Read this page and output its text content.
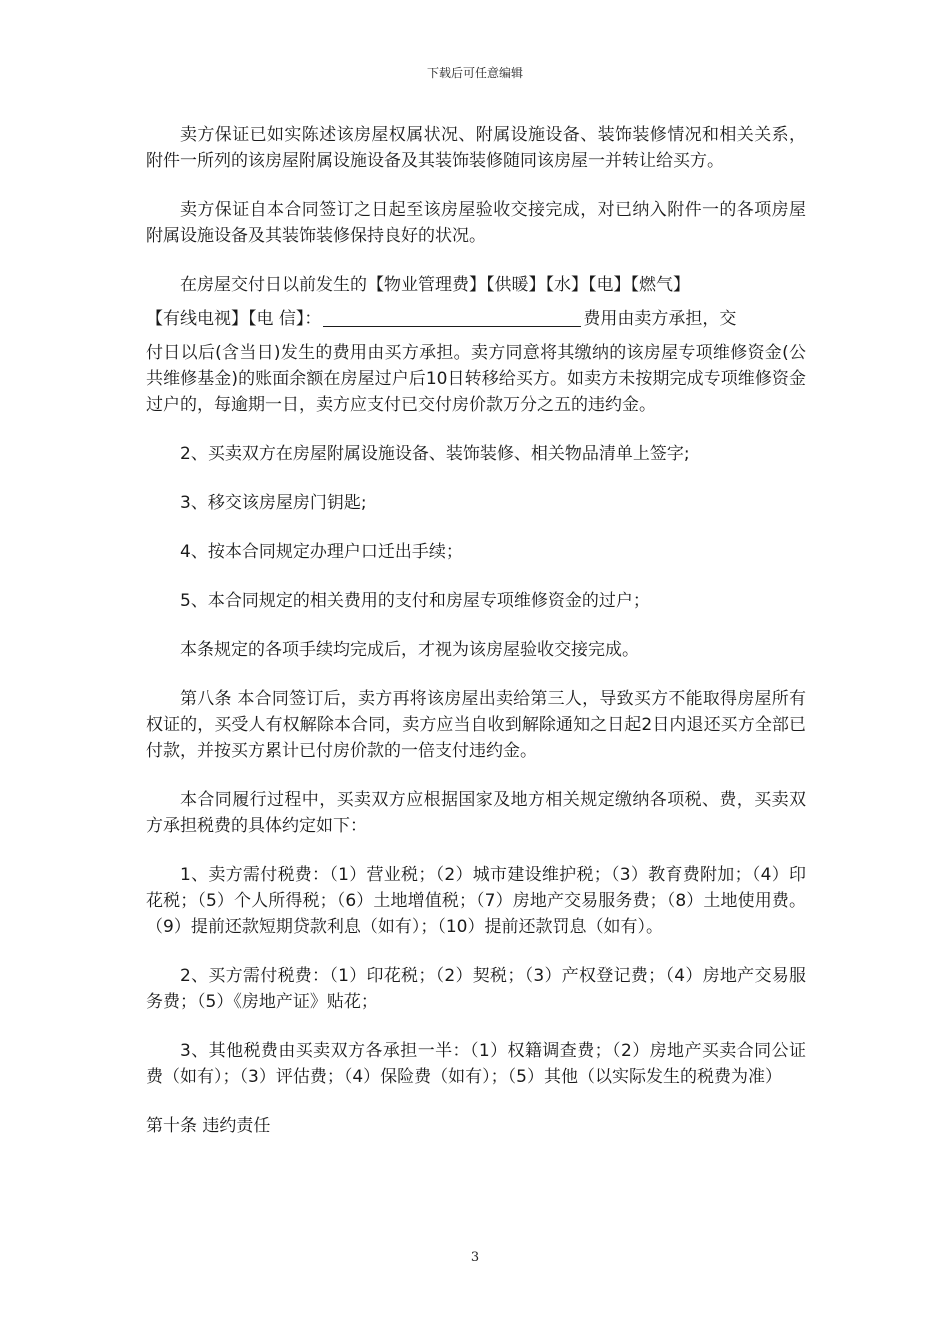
下载后可任意编辑

卖方保证已如实陈述该房屋权属状况、附属设施设备、装饰装修情况和相关关系，附件一所列的该房屋附属设施设备及其装饰装修随同该房屋一并转让给买方。

卖方保证自本合同签订之日起至该房屋验收交接完成，对已纳入附件一的各项房屋附属设施设备及其装饰装修保持良好的状况。

在房屋交付日以前发生的【物业管理费】【供暖】【水】【电】【燃气】

【有线电视】【电 信】：	费用由卖方承担，交

付日以后(含当日)发生的费用由买方承担。卖方同意将其缴纳的该房屋专项维修资金(公共维修基金)的账面余额在房屋过户后10日转移给买方。如卖方未按期完成专项维修资金过户的，每逾期一日，卖方应支付已交付房价款万分之五的违约金。

2、买卖双方在房屋附属设施设备、装饰装修、相关物品清单上签字;

3、移交该房屋房门钥匙;

4、按本合同规定办理户口迁出手续；

5、本合同规定的相关费用的支付和房屋专项维修资金的过户；

本条规定的各项手续均完成后，才视为该房屋验收交接完成。

第八条 本合同签订后，卖方再将该房屋出卖给第三人，导致买方不能取得房屋所有权证的，买受人有权解除本合同，卖方应当自收到解除通知之日起2日内退还买方全部已付款，并按买方累计已付房价款的一倍支付违约金。

本合同履行过程中，买卖双方应根据国家及地方相关规定缴纳各项税、费，买卖双方承担税费的具体约定如下：

1、卖方需付税费：（1）营业税；（2）城市建设维护税；（3）教育费附加；（4）印花税；（5）个人所得税；（6）土地增值税；（7）房地产交易服务费；（8）土地使用费。（9）提前还款短期贷款利息（如有）；（10）提前还款罚息（如有）。

2、买方需付税费：（1）印花税；（2）契税；（3）产权登记费；（4）房地产交易服务费；（5）《房地产证》贴花；

3、其他税费由买卖双方各承担一半：（1）权籍调查费；（2）房地产买卖合同公证费（如有）；（3）评估费；（4）保险费（如有）；（5）其他（以实际发生的税费为准）

第十条 违约责任

3
